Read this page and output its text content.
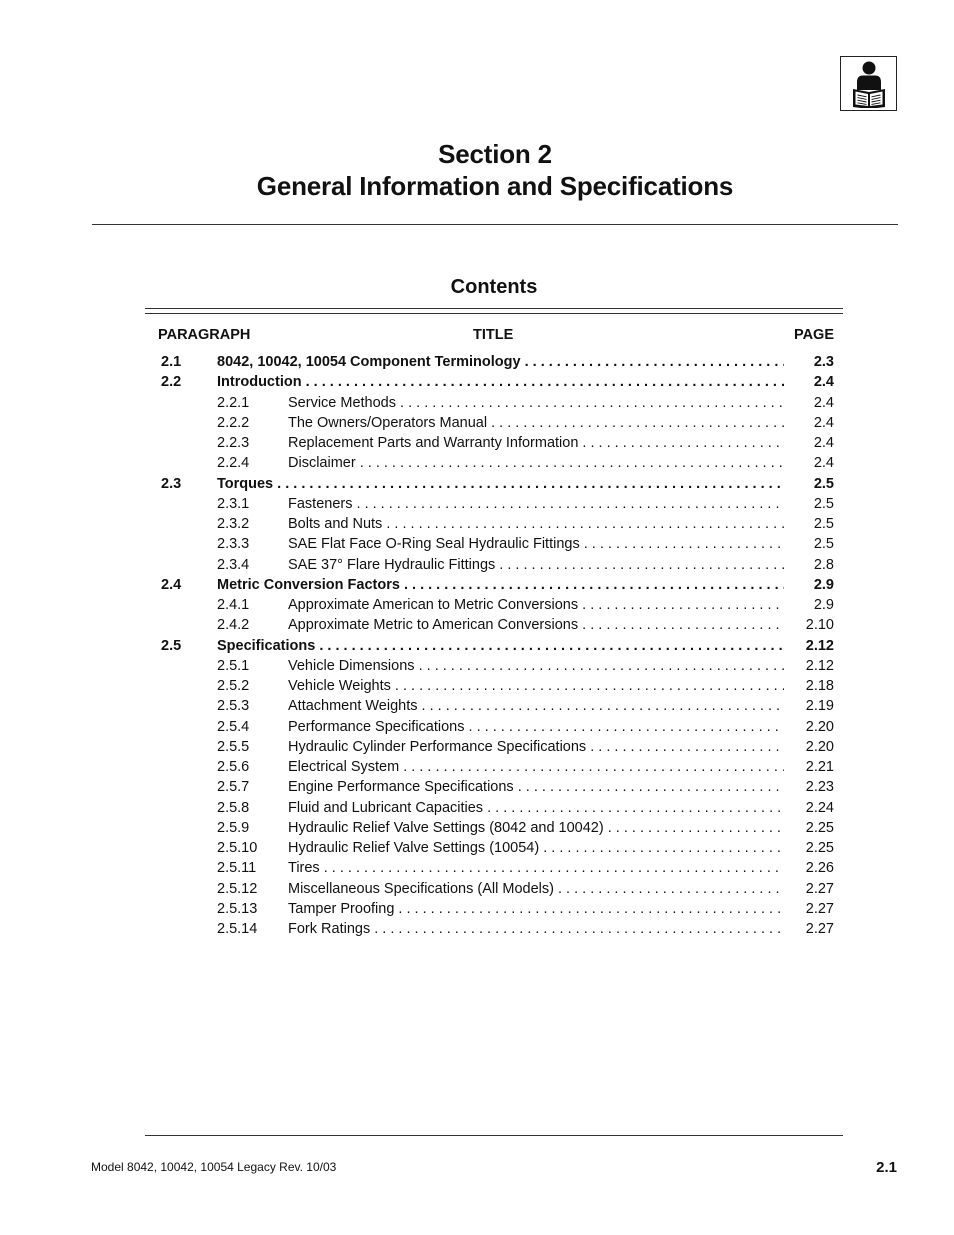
Section 2
General Information and Specifications
Contents
PARAGRAPH	TITLE	PAGE
2.1 8042, 10042, 10054 Component Terminology . . .	2.3
2.2 Introduction . . .	2.4
2.2.1	Service Methods . . .	2.4
2.2.2	The Owners/Operators Manual . . .	2.4
2.2.3	Replacement Parts and Warranty Information . . .	2.4
2.2.4	Disclaimer . . .	2.4
2.3 Torques . . .	2.5
2.3.1	Fasteners . . .	2.5
2.3.2	Bolts and Nuts . . .	2.5
2.3.3	SAE Flat Face O-Ring Seal Hydraulic Fittings . . .	2.5
2.3.4	SAE 37° Flare Hydraulic Fittings . . .	2.8
2.4 Metric Conversion Factors . . .	2.9
2.4.1	Approximate American to Metric Conversions . . .	2.9
2.4.2	Approximate Metric to American Conversions . . .	2.10
2.5 Specifications . . .	2.12
2.5.1	Vehicle Dimensions . . .	2.12
2.5.2	Vehicle Weights . . .	2.18
2.5.3	Attachment Weights . . .	2.19
2.5.4	Performance Specifications . . .	2.20
2.5.5	Hydraulic Cylinder Performance Specifications . . .	2.20
2.5.6	Electrical System . . .	2.21
2.5.7	Engine Performance Specifications . . .	2.23
2.5.8	Fluid and Lubricant Capacities . . .	2.24
2.5.9	Hydraulic Relief Valve Settings (8042 and 10042) . . .	2.25
2.5.10 Hydraulic Relief Valve Settings (10054) . . .	2.25
2.5.11 Tires . . .	2.26
2.5.12 Miscellaneous Specifications (All Models) . . .	2.27
2.5.13 Tamper Proofing . . .	2.27
2.5.14 Fork Ratings . . .	2.27
Model 8042, 10042, 10054 Legacy Rev. 10/03	2.1
